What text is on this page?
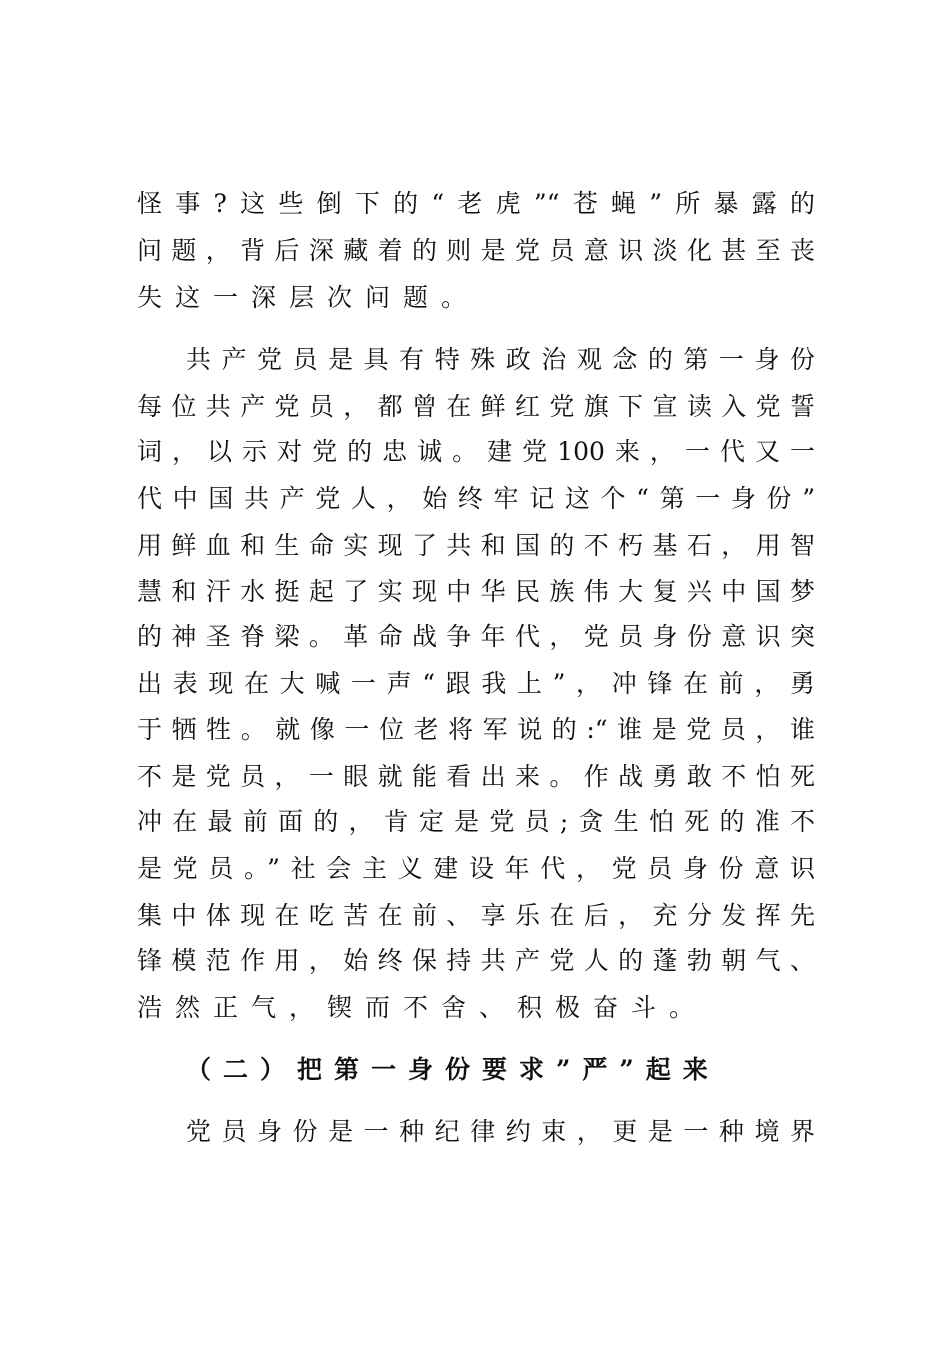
怪事?这些倒下的“老虎”“苍蝇”所暴露的
问题，背后深藏着的则是党员意识淡化甚至丧
失这一深层次问题。
共产党员是具有特殊政治观念的第一身份
每位共产党员，都曾在鲜红党旗下宣读入党誓
词，以示对党的忠诚。建党100来，一代又一
代中国共产党人，始终牢记这个“第一身份”
用鲜血和生命实现了共和国的不朽基石，用智
慧和汗水挺起了实现中华民族伟大复兴中国梦
的神圣脊梁。革命战争年代，党员身份意识突
出表现在大喊一声“跟我上”，冲锋在前，勇
于牺牲。就像一位老将军说的:“谁是党员，谁
不是党员，一眼就能看出来。作战勇敢不怕死
冲在最前面的，肯定是党员;贪生怕死的准不
是党员。”社会主义建设年代，党员身份意识
集中体现在吃苦在前、享乐在后，充分发挥先
锋模范作用，始终保持共产党人的蓬勃朝气、
浩然正气，锲而不舍、积极奋斗。
（二）把第一身份要求”严”起来
党员身份是一种纪律约束，更是一种境界
